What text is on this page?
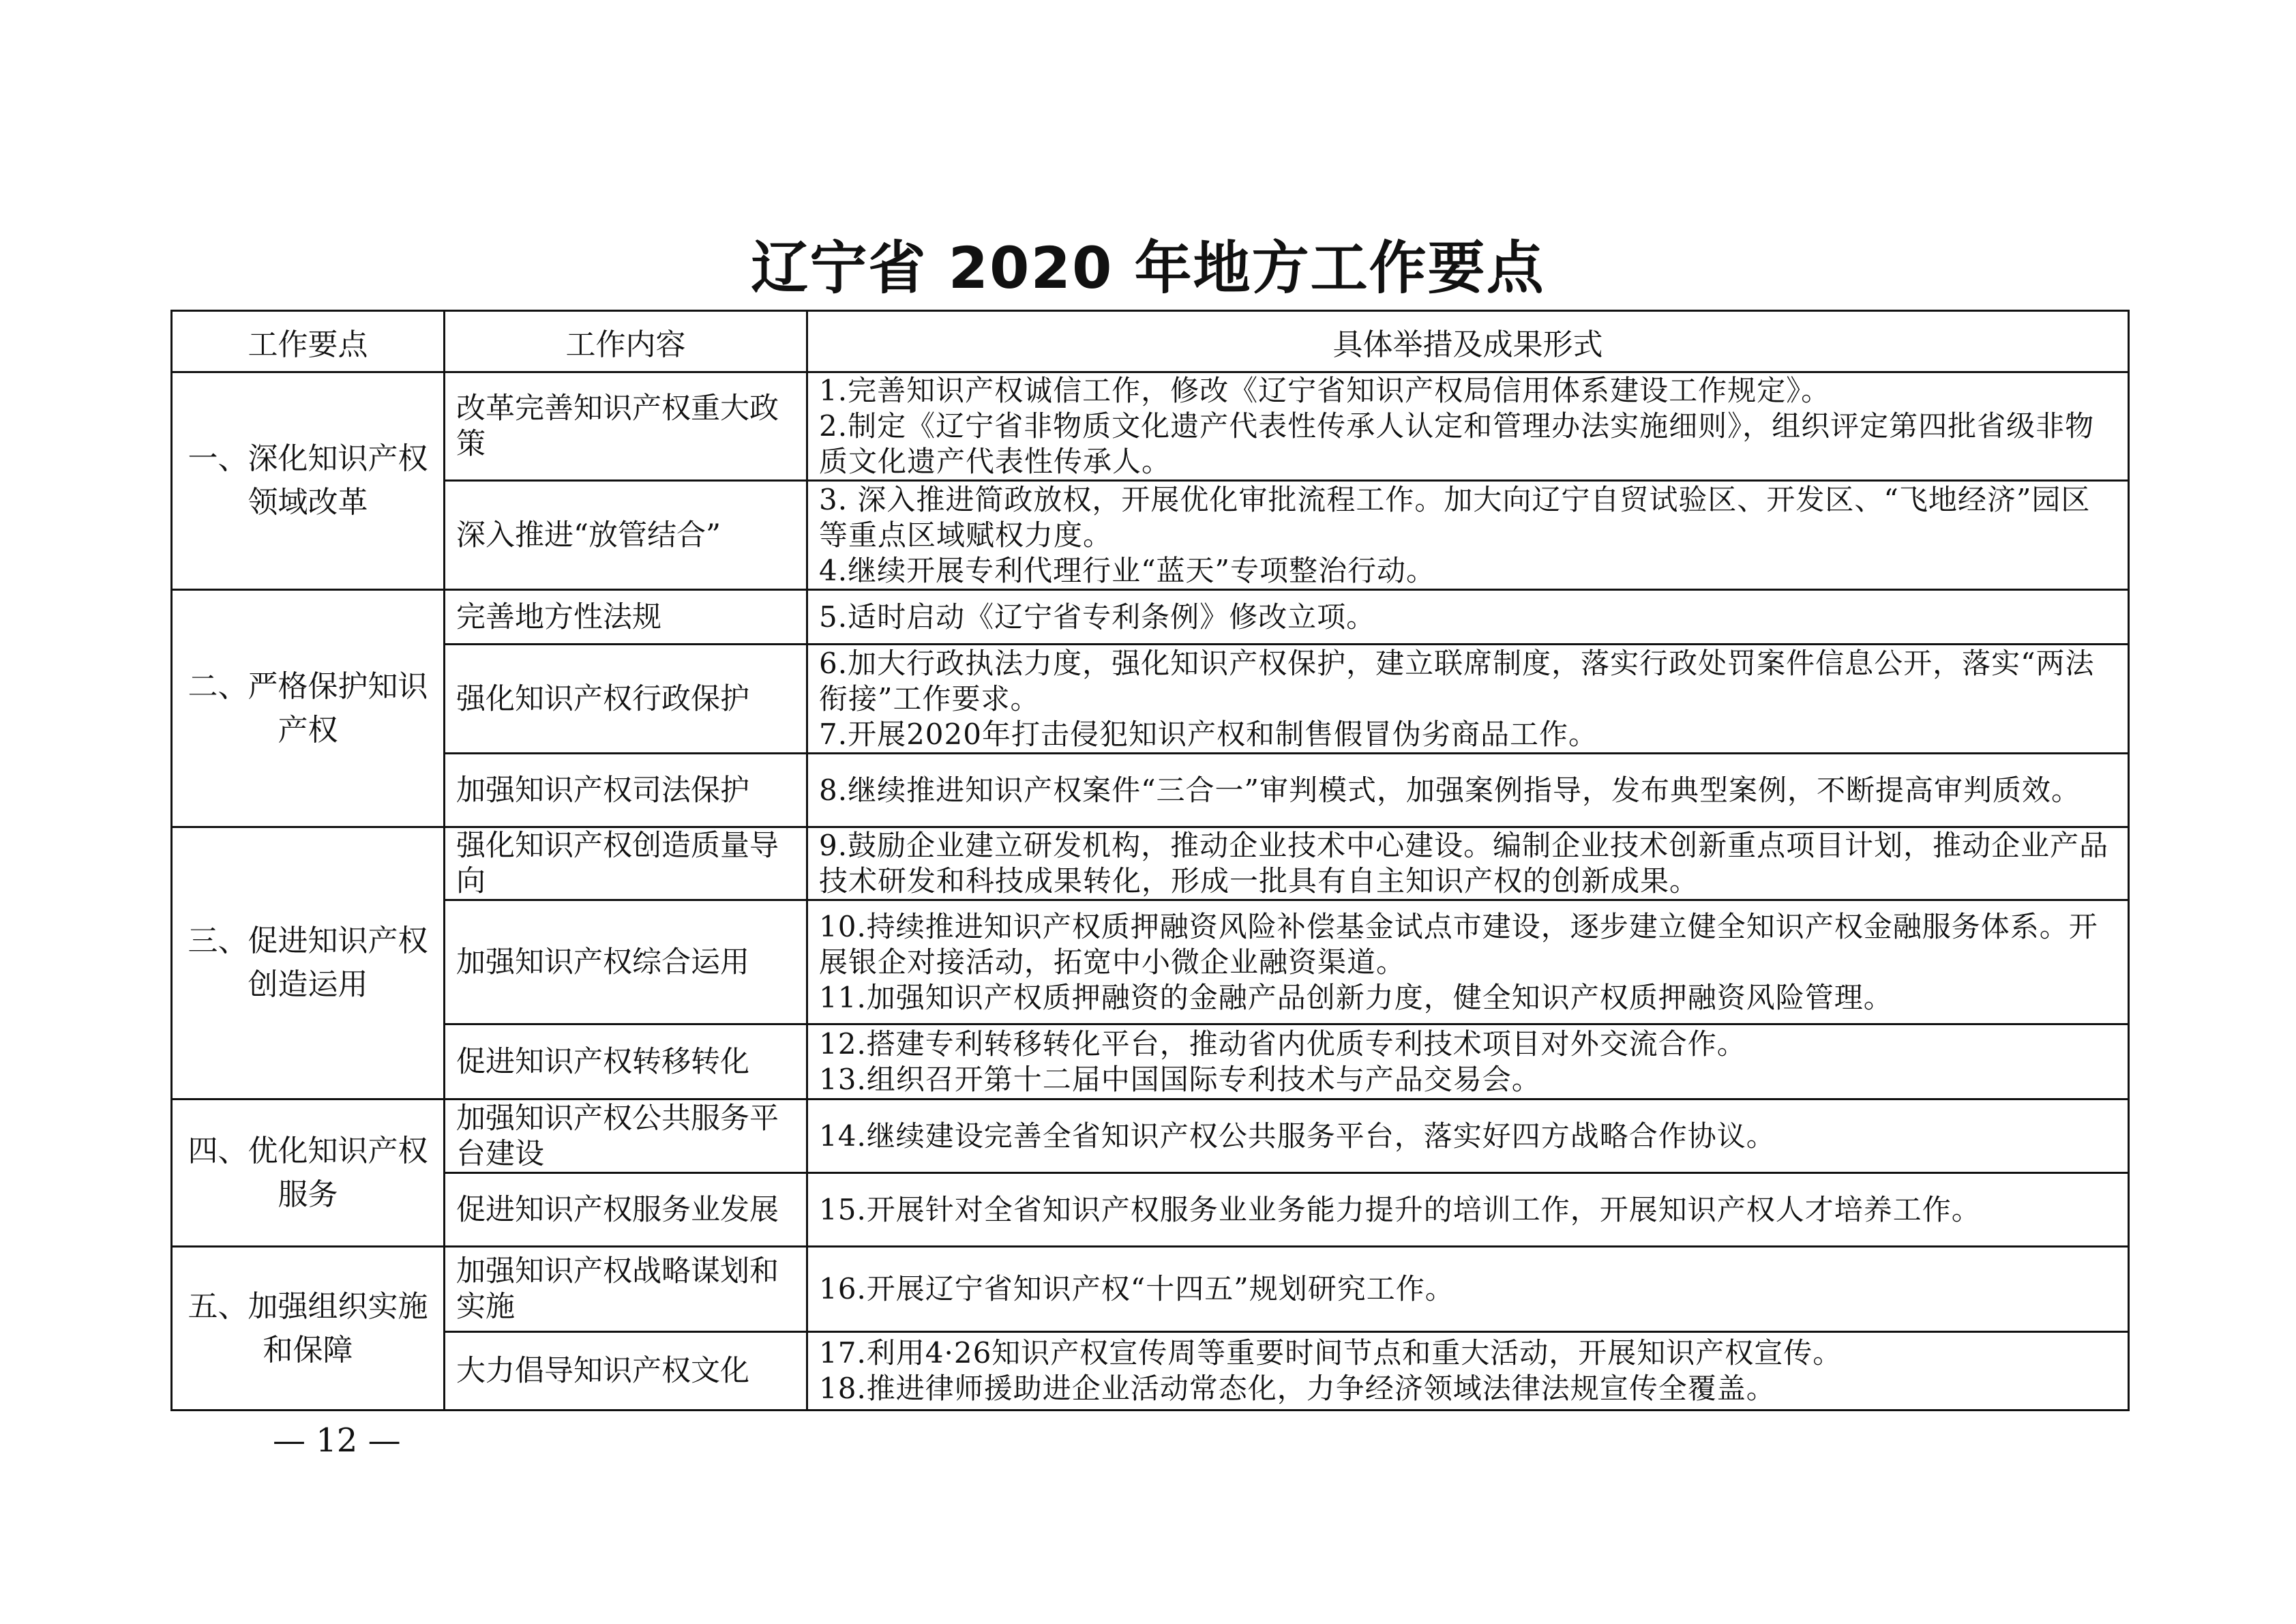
辽宁省 2020 年地方工作要点
工作要点	工作内容	具体举措及成果形式
一、深化知识产权领域改革	改革完善知识产权重大政策	1.完善知识产权诚信工作，修改《辽宁省知识产权局信用体系建设工作规定》。
2.制定《辽宁省非物质文化遗产代表性传承人认定和管理办法实施细则》，组织评定第四批省级非物质文化遗产代表性传承人。

	深入推进“放管结合”	3. 深入推进简政放权，开展优化审批流程工作。加大向辽宁自贸试验区、开发区、“飞地经济”园区等重点区域赋权力度。
4.继续开展专利代理行业“蓝天”专项整治行动。

二、严格保护知识产权	完善地方性法规	5.适时启动《辽宁省专利条例》修改立项。

	强化知识产权行政保护	6.加大行政执法力度，强化知识产权保护，建立联席制度，落实行政处罚案件信息公开，落实“两法衔接”工作要求。
7.开展2020年打击侵犯知识产权和制售假冒伪劣商品工作。

	加强知识产权司法保护	8.继续推进知识产权案件“三合一”审判模式，加强案例指导，发布典型案例，不断提高审判质效。

三、促进知识产权创造运用	强化知识产权创造质量导向	9.鼓励企业建立研发机构，推动企业技术中心建设。编制企业技术创新重点项目计划，推动企业产品技术研发和科技成果转化，形成一批具有自主知识产权的创新成果。

	加强知识产权综合运用	10.持续推进知识产权质押融资风险补偿基金试点市建设，逐步建立健全知识产权金融服务体系。开展银企对接活动，拓宽中小微企业融资渠道。
11.加强知识产权质押融资的金融产品创新力度，健全知识产权质押融资风险管理。

	促进知识产权转移转化	12.搭建专利转移转化平台，推动省内优质专利技术项目对外交流合作。
13.组织召开第十二届中国国际专利技术与产品交易会。

四、优化知识产权服务	加强知识产权公共服务平台建设	14.继续建设完善全省知识产权公共服务平台，落实好四方战略合作协议。

	促进知识产权服务业发展	15.开展针对全省知识产权服务业业务能力提升的培训工作，开展知识产权人才培养工作。

五、加强组织实施和保障	加强知识产权战略谋划和实施	16.开展辽宁省知识产权“十四五”规划研究工作。

	大力倡导知识产权文化	17.利用4·26知识产权宣传周等重要时间节点和重大活动，开展知识产权宣传。
18.推进律师援助进企业活动常态化，力争经济领域法律法规宣传全覆盖。

— 12 —
